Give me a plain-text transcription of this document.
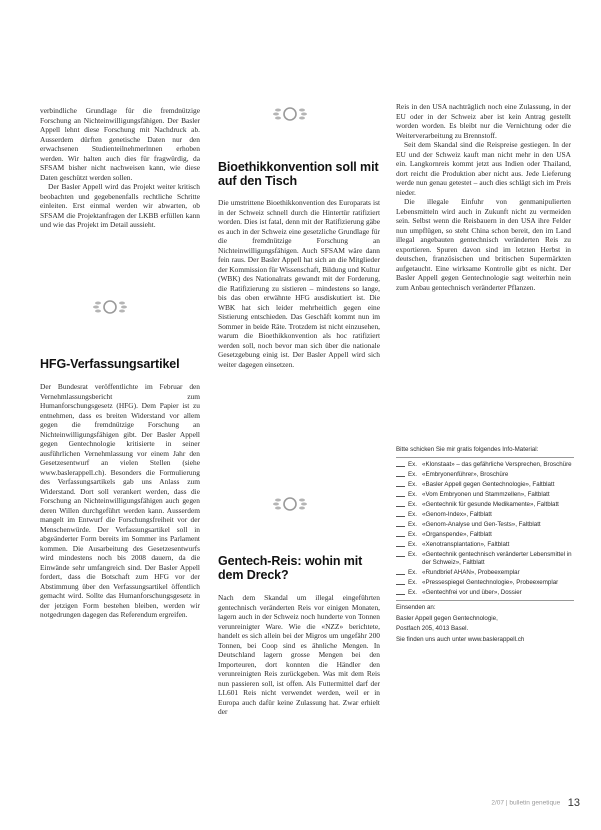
verbindliche Grundlage für die fremdnützige Forschung an Nichteinwilligungsfähigen. Der Basler Appell lehnt diese Forschung mit Nachdruck ab. Ausserdem dürften genetische Daten nur den erwachsenen Studienteilnehmerlnnen erhoben werden. Wir halten auch dies für fragwürdig, da SFSAM bisher nicht nachweisen kann, wie diese Daten geschützt werden sollen.

Der Basler Appell wird das Projekt weiter kritisch beobachten und gegebenenfalls rechtliche Schritte einleiten. Erst einmal werden wir abwarten, ob SFSAM die Projektanfragen der LKBB erfüllen kann und wie das Projekt im Detail aussieht.

HFG-Verfassungsartikel

Der Bundesrat veröffentlichte im Februar den Vernehmlassungsbericht zum Humanforschungsgesetz (HFG). Dem Papier ist zu entnehmen, dass es breiten Widerstand vor allem gegen die fremdnützige Forschung an Nichteinwilligungsfähigen gibt. Der Basler Appell gegen Gentechnologie kritisierte in seiner ausführlichen Vernehmlassung vor einem Jahr den Gesetzesentwurf an vielen Stellen (siehe www.baslerappell.ch). Besonders die Formulierung des Verfassungsartikels gab uns Anlass zum Widerstand. Dort soll verankert werden, dass die Forschung an Nichteinwilligungsfähigen auch gegen deren Willen durchgeführt werden kann. Ausserdem mangelt im Entwurf die Forschungsfreiheit vor der Menschenwürde. Der Verfassungsartikel soll in abgeänderter Form bereits im Sommer ins Parlament kommen. Die Ausarbeitung des Gesetzesentwurfs wird mindestens noch bis 2008 dauern, da die Einwände sehr umfangreich sind. Der Basler Appell fordert, dass die Botschaft zum HFG vor der Abstimmung über den Verfassungsartikel öffentlich gemacht wird. Sollte das Humanforschungsgesetz in der jetzigen Form bestehen bleiben, werden wir notgedrungen dagegen das Referendum ergreifen.

Bioethikkonvention soll mit auf den Tisch

Die umstrittene Bioethikkonvention des Europarats ist in der Schweiz schnell durch die Hintertür ratifiziert worden. Dies ist fatal, denn mit der Ratifizierung gäbe es auch in der Schweiz eine gesetzliche Grundlage für die fremdnützige Forschung an Nichteinwilligungsfähigen. Auch SFSAM wäre dann fein raus. Der Basler Appell hat sich an die Mitglieder der Kommission für Wissenschaft, Bildung und Kultur (WBK) des Nationalrats gewandt mit der Forderung, die Ratifizierung zu sistieren – mindestens so lange, bis das oben erwähnte HFG ausdiskutiert ist. Die WBK hat sich leider mehrheitlich gegen eine Sistierung entschieden. Das Geschäft kommt nun im Sommer in beide Räte. Trotzdem ist nicht einzusehen, warum die Bioethikkonvention als hoc ratifiziert werden soll, noch bevor man sich über die nationale Gesetzgebung einig ist. Der Basler Appell wird sich weiter dagegen einsetzen.

Gentech-Reis: wohin mit dem Dreck?

Nach dem Skandal um illegal eingeführten gentechnisch veränderten Reis vor einigen Monaten, lagern auch in der Schweiz noch hunderte von Tonnen verunreinigter Ware. Wie die «NZZ» berichtete, handelt es sich allein bei der Migros um ungefähr 200 Tonnen, bei Coop sind es ähnliche Mengen. In Deutschland lagern grosse Mengen bei den Importeuren, dort konnten die Händler den verunreinigten Reis zurückgeben. Was mit dem Reis nun passieren soll, ist offen. Als Futtermittel darf der LL601 Reis nicht verwendet werden, weil er in Europa auch dafür keine Zulassung hat. Zwar erhielt der

Reis in den USA nachträglich noch eine Zulassung, in der EU oder in der Schweiz aber ist kein Antrag gestellt worden worden. Es bleibt nur die Vernichtung oder die Weiterverarbeitung zu Brennstoff.

Seit dem Skandal sind die Reispreise gestiegen. In der EU und der Schweiz kauft man nicht mehr in den USA ein. Langkornreis kommt jetzt aus Indien oder Thailand, dort reicht die Produktion aber nicht aus. Jede Lieferung werde nun genau getestet – auch dies schlägt sich im Preis nieder.

Die illegale Einfuhr von genmanipulierten Lebensmitteln wird auch in Zukunft nicht zu vermeiden sein. Selbst wenn die Reisbauern in den USA ihre Felder nun umpflügen, so steht China schon bereit, den im Land illegal angebauten gentechnisch veränderten Reis zu exportieren. Spuren davon sind im letzten Herbst in deutschen, französischen und britischen Supermärkten aufgetaucht. Eine wirksame Kontrolle gibt es nicht. Der Basler Appell gegen Gentechnologie sagt weiterhin nein zum Anbau gentechnisch veränderter Pflanzen.

Bitte schicken Sie mir gratis folgendes Info-Material:
Ex. «Klonstaat» – das gefährliche Versprechen, Broschüre
Ex. «Embryonenführer», Broschüre
Ex. «Basler Appell gegen Gentechnologie», Faltblatt
Ex. «Vom Embryonen und Stammzellen», Faltblatt
Ex. «Gentechnik für gesunde Medikamente», Faltblatt
Ex. «Genom-Index», Faltblatt
Ex. «Genom-Analyse und Gen-Tests», Faltblatt
Ex. «Organspende», Faltblatt
Ex. «Xenotransplantation», Faltblatt
Ex. «Gentechnik gentechnisch veränderter Lebensmittel in der Schweiz», Faltblatt
Ex. «Rundbrief AHAN», Probeexemplar
Ex. «Pressespiegel Gentechnologie», Probeexemplar
Ex. «Gentechfrei vor und über», Dossier

Einsenden an:

Basler Appell gegen Gentechnologie,

Postfach 205, 4013 Basel.

Sie finden uns auch unter www.baslerappell.ch

2/07 | bulletin genetique 13
